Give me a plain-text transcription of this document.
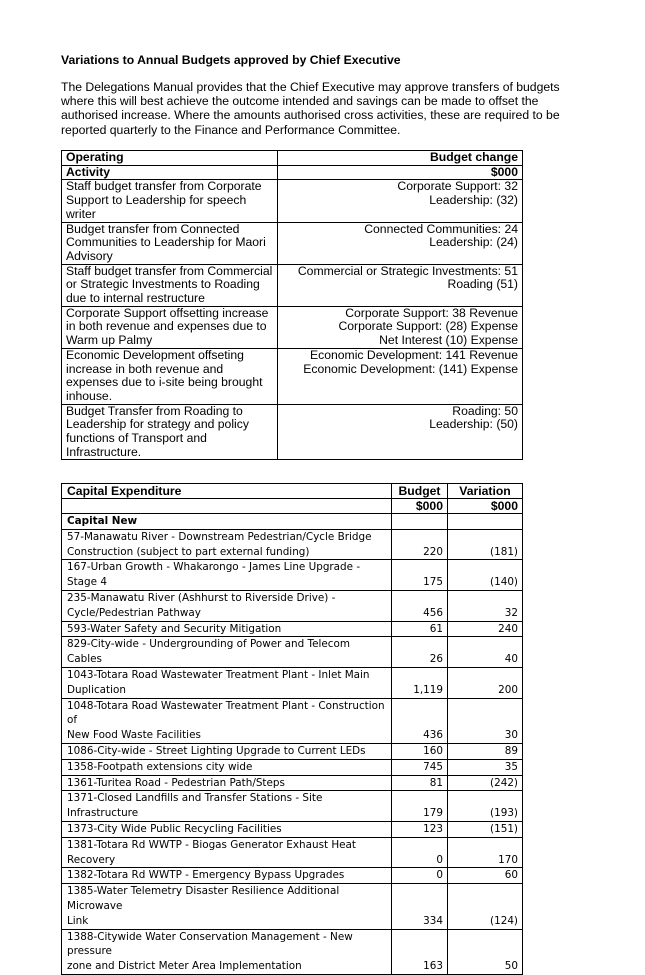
Variations to Annual Budgets approved by Chief Executive
The Delegations Manual provides that the Chief Executive may approve transfers of budgets where this will best achieve the outcome intended and savings can be made to offset the authorised increase. Where the amounts authorised cross activities, these are required to be reported quarterly to the Finance and Performance Committee.
Operating	Budget change
Activity	$000

Staff budget transfer from Corporate
Support to Leadership for speech
writer	Corporate Support: 32
Leadership: (32)

Budget transfer from Connected
Communities to Leadership for Maori
Advisory	Connected Communities: 24
Leadership: (24)

Staff budget transfer from Commercial
or Strategic Investments to Roading
due to internal restructure	Commercial or Strategic Investments: 51
Roading (51)

Corporate Support offsetting increase
in both revenue and expenses due to
Warm up Palmy	Corporate Support: 38 Revenue
Corporate Support: (28) Expense
Net Interest (10) Expense

Economic Development offseting
increase in both revenue and
expenses due to i-site being brought
inhouse.	Economic Development: 141 Revenue
Economic Development: (141) Expense

Budget Transfer from Roading to
Leadership for strategy and policy
functions of Transport and
Infrastructure.	Roading: 50
Leadership: (50)
Capital Expenditure	Budget	Variation
	$000	$000
Capital New		

57-Manawatu River - Downstream Pedestrian/Cycle Bridge
Construction (subject to part external funding)	220	(181)

167-Urban Growth - Whakarongo - James Line Upgrade - Stage 4	175	(140)

235-Manawatu River (Ashhurst to Riverside Drive) -
Cycle/Pedestrian Pathway	456	32

593-Water Safety and Security Mitigation	61	240

829-City-wide - Undergrounding of Power and Telecom Cables	26	40

1043-Totara Road Wastewater Treatment Plant - Inlet Main
Duplication	1,119	200

1048-Totara Road Wastewater Treatment Plant - Construction of
New Food Waste Facilities	436	30

1086-City-wide - Street Lighting Upgrade to Current LEDs	160	89

1358-Footpath extensions city wide	745	35

1361-Turitea Road - Pedestrian Path/Steps	81	(242)

1371-Closed Landfills and Transfer Stations - Site Infrastructure	179	(193)

1373-City Wide Public Recycling Facilities	123	(151)

1381-Totara Rd WWTP - Biogas Generator Exhaust Heat Recovery	0	170

1382-Totara Rd WWTP - Emergency Bypass Upgrades	0	60

1385-Water Telemetry Disaster Resilience Additional Microwave
Link	334	(124)

1388-Citywide Water Conservation Management - New pressure
zone and District Meter Area Implementation	163	50
